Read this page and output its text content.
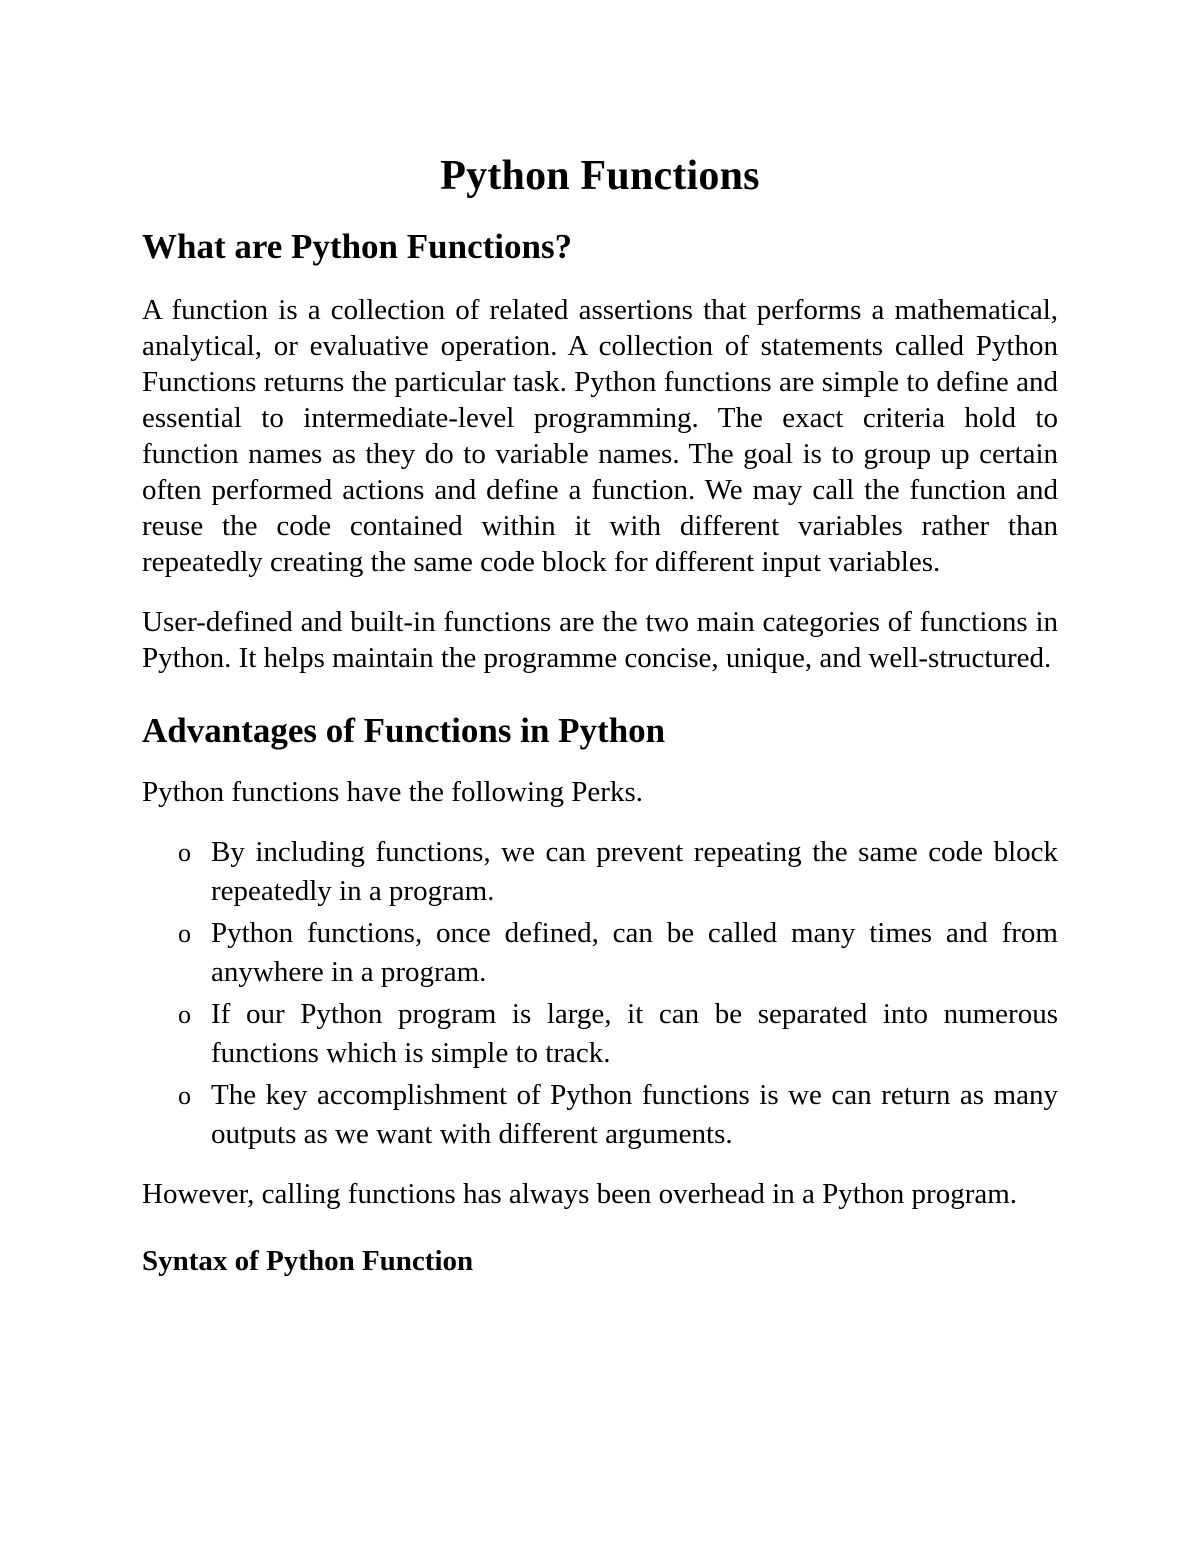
Python Functions
What are Python Functions?

A function is a collection of related assertions that performs a mathematical, analytical, or evaluative operation. A collection of statements called Python Functions returns the particular task. Python functions are simple to define and essential to intermediate-level programming. The exact criteria hold to function names as they do to variable names. The goal is to group up certain often performed actions and define a function. We may call the function and reuse the code contained within it with different variables rather than repeatedly creating the same code block for different input variables.

User-defined and built-in functions are the two main categories of functions in Python. It helps maintain the programme concise, unique, and well-structured.

Advantages of Functions in Python

Python functions have the following Perks.

o By including functions, we can prevent repeating the same code block repeatedly in a program.
o Python functions, once defined, can be called many times and from anywhere in a program.
o If our Python program is large, it can be separated into numerous functions which is simple to track.
o The key accomplishment of Python functions is we can return as many outputs as we want with different arguments.

However, calling functions has always been overhead in a Python program.

Syntax of Python Function
